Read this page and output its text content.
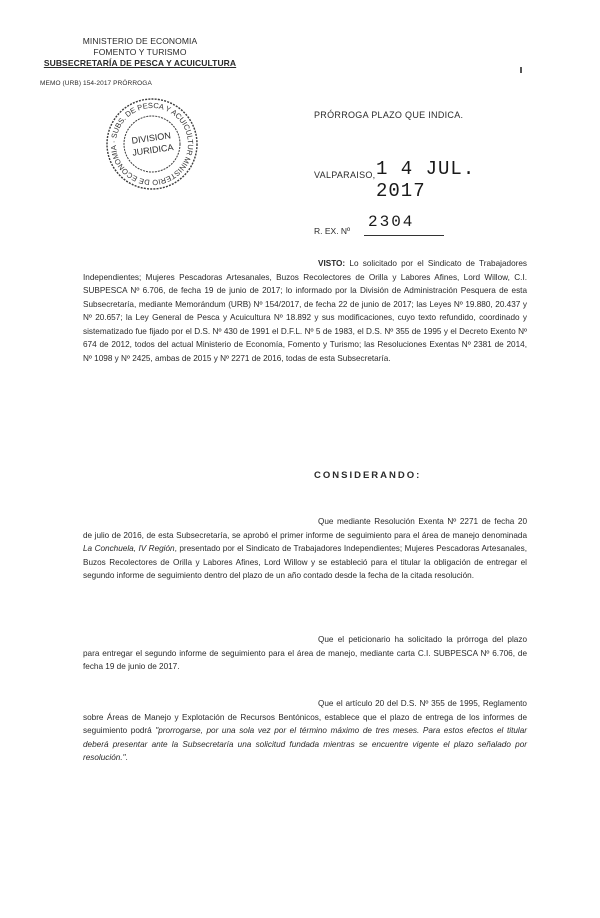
MINISTERIO DE ECONOMIA
FOMENTO Y TURISMO
SUBSECRETARÍA DE PESCA Y ACUICULTURA
MEMO (URB) 154-2017 PRÓRROGA
MINISTERIO DE ECONOMIA · SUBS. DE PESCA Y ACUICULTURA
DIVISION
JURIDICA
PRÓRROGA PLAZO QUE INDICA.
VALPARAISO, 1 4 JUL. 2017
R. EX. Nº 2304

VISTO: Lo solicitado por el Sindicato de Trabajadores Independientes; Mujeres Pescadoras Artesanales, Buzos Recolectores de Orilla y Labores Afines, Lord Willow, C.I. SUBPESCA Nº 6.706, de fecha 19 de junio de 2017; lo informado por la División de Administración Pesquera de esta Subsecretaría, mediante Memorándum (URB) Nº 154/2017, de fecha 22 de junio de 2017; las Leyes Nº 19.880, 20.437 y Nº 20.657; la Ley General de Pesca y Acuicultura Nº 18.892 y sus modificaciones, cuyo texto refundido, coordinado y sistematizado fue fijado por el D.S. Nº 430 de 1991 el D.F.L. Nº 5 de 1983, el D.S. Nº 355 de 1995 y el Decreto Exento Nº 674 de 2012, todos del actual Ministerio de Economía, Fomento y Turismo; las Resoluciones Exentas Nº 2381 de 2014, Nº 1098 y Nº 2425, ambas de 2015 y Nº 2271 de 2016, todas de esta Subsecretaría.

CONSIDERANDO:

Que mediante Resolución Exenta Nº 2271 de fecha 20 de julio de 2016, de esta Subsecretaría, se aprobó el primer informe de seguimiento para el área de manejo denominada La Conchuela, IV Región, presentado por el Sindicato de Trabajadores Independientes; Mujeres Pescadoras Artesanales, Buzos Recolectores de Orilla y Labores Afines, Lord Willow y se estableció para el titular la obligación de entregar el segundo informe de seguimiento dentro del plazo de un año contado desde la fecha de la citada resolución.

Que el peticionario ha solicitado la prórroga del plazo para entregar el segundo informe de seguimiento para el área de manejo, mediante carta C.I. SUBPESCA Nº 6.706, de fecha 19 de junio de 2017.

Que el artículo 20 del D.S. Nº 355 de 1995, Reglamento sobre Áreas de Manejo y Explotación de Recursos Bentónicos, establece que el plazo de entrega de los informes de seguimiento podrá "prorrogarse, por una sola vez por el término máximo de tres meses. Para estos efectos el titular deberá presentar ante la Subsecretaría una solicitud fundada mientras se encuentre vigente el plazo señalado por resolución.".
